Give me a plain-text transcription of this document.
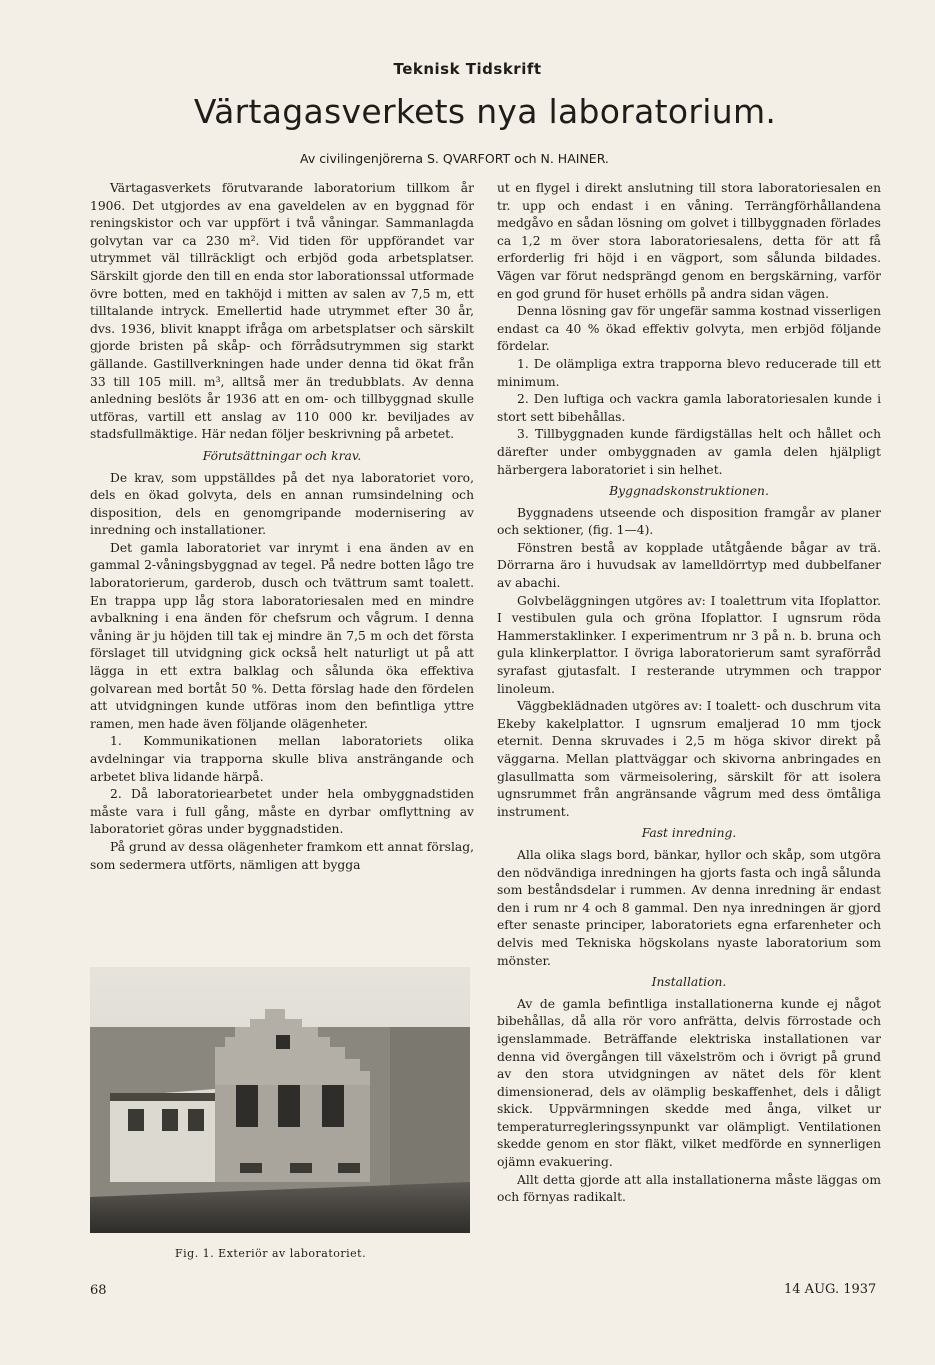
Teknisk Tidskrift
Värtagasverkets nya laboratorium.
Av civilingenjörerna S. QVARFORT och N. HAINER.

Värtagasverkets förutvarande laboratorium tillkom år 1906. Det utgjordes av ena gaveldelen av en byggnad för reningskistor och var uppfört i två våningar. Sammanlagda golvytan var ca 230 m². Vid tiden för uppförandet var utrymmet väl tillräckligt och erbjöd goda arbetsplatser. Särskilt gjorde den till en enda stor laborationssal utformade övre botten, med en takhöjd i mitten av salen av 7,5 m, ett tilltalande intryck. Emellertid hade utrymmet efter 30 år, dvs. 1936, blivit knappt ifråga om arbetsplatser och särskilt gjorde bristen på skåp- och förrådsutrymmen sig starkt gällande. Gastillverkningen hade under denna tid ökat från 33 till 105 mill. m³, alltså mer än tredubblats. Av denna anledning beslöts år 1936 att en om- och tillbyggnad skulle utföras, vartill ett anslag av 110 000 kr. beviljades av stadsfullmäktige. Här nedan följer beskrivning på arbetet.

Förutsättningar och krav.

De krav, som uppställdes på det nya laboratoriet voro, dels en ökad golvyta, dels en annan rumsindelning och disposition, dels en genomgripande modernisering av inredning och installationer.

Det gamla laboratoriet var inrymt i ena änden av en gammal 2-våningsbyggnad av tegel. På nedre botten lågo tre laboratorierum, garderob, dusch och tvättrum samt toalett. En trappa upp låg stora laboratoriesalen med en mindre avbalkning i ena änden för chefsrum och vågrum. I denna våning är ju höjden till tak ej mindre än 7,5 m och det första förslaget till utvidgning gick också helt naturligt ut på att lägga in ett extra balklag och sålunda öka effektiva golvarean med bortåt 50 %. Detta förslag hade den fördelen att utvidgningen kunde utföras inom den befintliga yttre ramen, men hade även följande olägenheter.

1. Kommunikationen mellan laboratoriets olika avdelningar via trapporna skulle bliva ansträngande och arbetet bliva lidande härpå.

2. Då laboratoriearbetet under hela ombyggnadstiden måste vara i full gång, måste en dyrbar omflyttning av laboratoriet göras under byggnadstiden.

På grund av dessa olägenheter framkom ett annat förslag, som sedermera utförts, nämligen att bygga

Fig. 1. Exteriör av laboratoriet.

ut en flygel i direkt anslutning till stora laboratoriesalen en tr. upp och endast i en våning. Terrängförhållandena medgåvo en sådan lösning om golvet i tillbyggnaden förlades ca 1,2 m över stora laboratoriesalens, detta för att få erforderlig fri höjd i en vägport, som sålunda bildades. Vägen var förut nedsprängd genom en bergskärning, varför en god grund för huset erhölls på andra sidan vägen.

Denna lösning gav för ungefär samma kostnad visserligen endast ca 40 % ökad effektiv golvyta, men erbjöd följande fördelar.

1. De olämpliga extra trapporna blevo reducerade till ett minimum.

2. Den luftiga och vackra gamla laboratoriesalen kunde i stort sett bibehållas.

3. Tillbyggnaden kunde färdigställas helt och hållet och därefter under ombyggnaden av gamla delen hjälpligt härbergera laboratoriet i sin helhet.

Byggnadskonstruktionen.

Byggnadens utseende och disposition framgår av planer och sektioner, (fig. 1—4).

Fönstren bestå av kopplade utåtgående bågar av trä. Dörrarna äro i huvudsak av lamelldörrtyp med dubbelfaner av abachi.

Golvbeläggningen utgöres av: I toalettrum vita Ifoplattor. I vestibulen gula och gröna Ifoplattor. I ugnsrum röda Hammerstaklinker. I experimentrum nr 3 på n. b. bruna och gula klinkerplattor. I övriga laboratorierum samt syraförråd syrafast gjutasfalt. I resterande utrymmen och trappor linoleum.

Väggbeklädnaden utgöres av: I toalett- och duschrum vita Ekeby kakelplattor. I ugnsrum emaljerad 10 mm tjock eternit. Denna skruvades i 2,5 m höga skivor direkt på väggarna. Mellan plattväggar och skivorna anbringades en glasullmatta som värmeisolering, särskilt för att isolera ugnsrummet från angränsande vågrum med dess ömtåliga instrument.

Fast inredning.

Alla olika slags bord, bänkar, hyllor och skåp, som utgöra den nödvändiga inredningen ha gjorts fasta och ingå sålunda som beståndsdelar i rummen. Av denna inredning är endast den i rum nr 4 och 8 gammal. Den nya inredningen är gjord efter senaste principer, laboratoriets egna erfarenheter och delvis med Tekniska högskolans nyaste laboratorium som mönster.

Installation.

Av de gamla befintliga installationerna kunde ej något bibehållas, då alla rör voro anfrätta, delvis förrostade och igenslammade. Beträffande elektriska installationen var denna vid övergången till växelström och i övrigt på grund av den stora utvidgningen av nätet dels för klent dimensionerad, dels av olämplig beskaffenhet, dels i dåligt skick. Uppvärmningen skedde med ånga, vilket ur temperaturregleringssynpunkt var olämpligt. Ventilationen skedde genom en stor fläkt, vilket medförde en synnerligen ojämn evakuering.

Allt detta gjorde att alla installationerna måste läggas om och förnyas radikalt.

68	14 AUG. 1937
